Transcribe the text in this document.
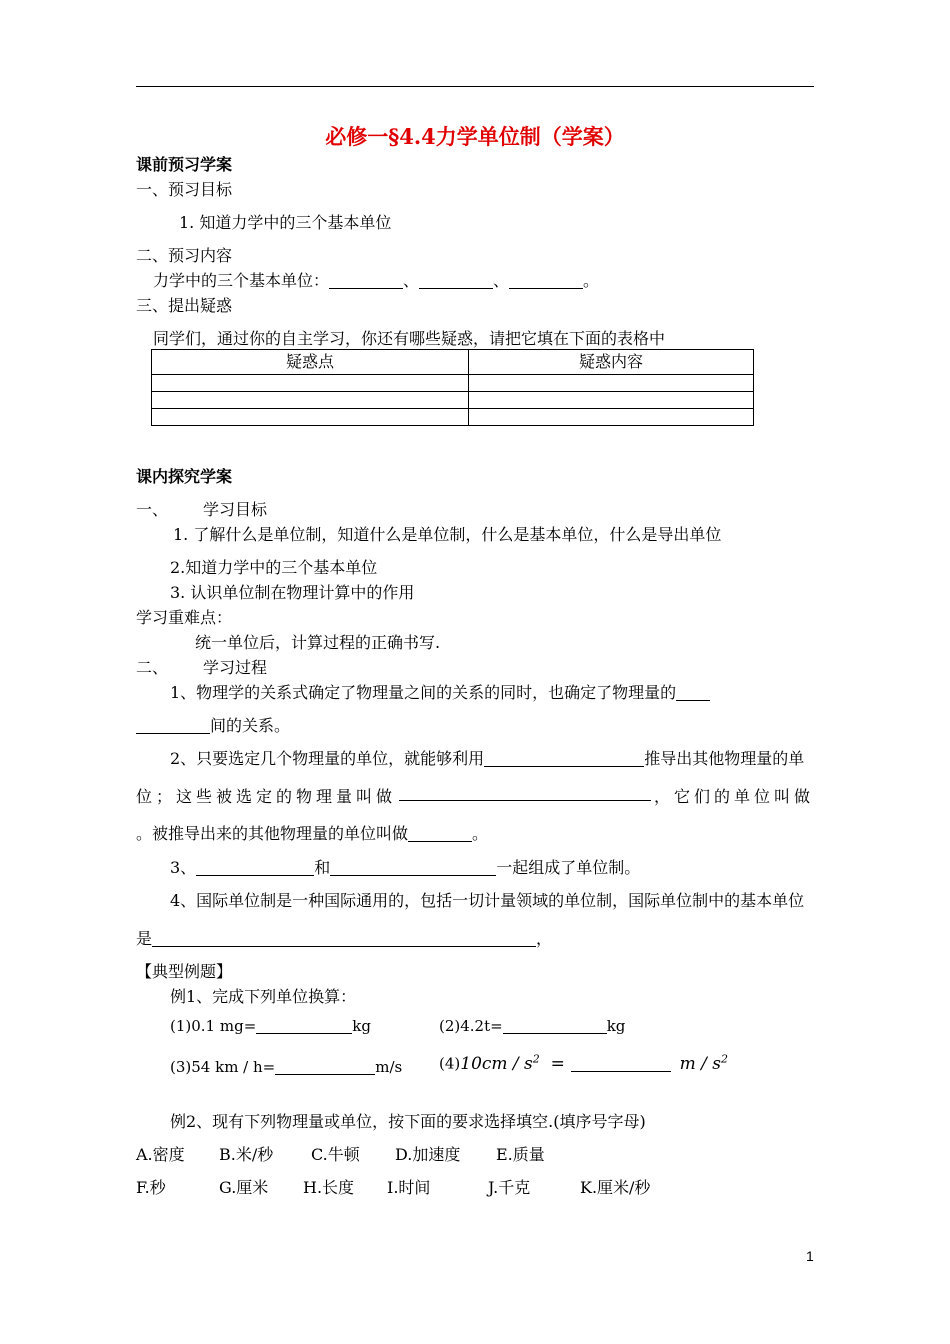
必修一§4.4力学单位制（学案）
课前预习学案
一、预习目标
1. 知道力学中的三个基本单位
二、预习内容
力学中的三个基本单位：	、	、	。
三、提出疑惑
同学们，通过你的自主学习，你还有哪些疑惑，请把它填在下面的表格中
疑惑点	疑惑内容

课内探究学案
一、 学习目标
1. 了解什么是单位制，知道什么是单位制，什么是基本单位，什么是导出单位
2.知道力学中的三个基本单位
3. 认识单位制在物理计算中的作用
学习重难点：
统一单位后，计算过程的正确书写.
二、 学习过程
1、物理学的关系式确定了物理量之间的关系的同时，也确定了物理量的
间的关系。
2、只要选定几个物理量的单位，就能够利用	推导出其他物理量的单
位；这些被选定的物理量叫做	，它们的单位叫做
。被推导出来的其他物理量的单位叫做	。
3、	和	一起组成了单位制。
4、国际单位制是一种国际通用的，包括一切计量领域的单位制，国际单位制中的基本单位
是	，
【典型例题】
例1、完成下列单位换算：
(1)0.1 mg=	kg	(2)4.2t=	kg
(3)54 km / h=	m/s $(4)10cm / s^2$ =	m / $s^2$
例2、现有下列物理量或单位，按下面的要求选择填空.(填序号字母)
A.密度 B.米/秒 C.牛顿 D.加速度 E.质量
F.秒	G.厘米 H.长度 I.时间	J.千克	K.厘米/秒
1
